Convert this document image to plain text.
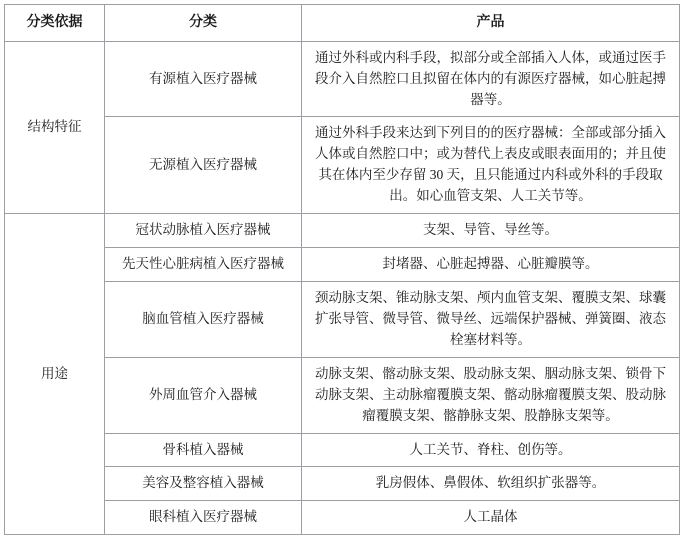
分类依据	分类	产品
结构特征	有源植入医疗器械	通过外科或内科手段，拟部分或全部插入人体，或通过医手段介入自然腔口且拟留在体内的有源医疗器械，如心脏起搏器等。
	无源植入医疗器械	通过外科手段来达到下列目的的医疗器械：全部或部分插入人体或自然腔口中；或为替代上表皮或眼表面用的；并且使其在体内至少存留 30 天，且只能通过内科或外科的手段取出。如心血管支架、人工关节等。
用途	冠状动脉植入医疗器械	支架、导管、导丝等。
	先天性心脏病植入医疗器械	封堵器、心脏起搏器、心脏瓣膜等。
	脑血管植入医疗器械	颈动脉支架、锥动脉支架、颅内血管支架、覆膜支架、球囊扩张导管、微导管、微导丝、远端保护器械、弹簧圈、液态栓塞材料等。
	外周血管介入器械	动脉支架、髂动脉支架、股动脉支架、胭动脉支架、锁骨下动脉支架、主动脉瘤覆膜支架、髂动脉瘤覆膜支架、股动脉瘤覆膜支架、髂静脉支架、股静脉支架等。
	骨科植入器械	人工关节、脊柱、创伤等。
	美容及整容植入器械	乳房假体、鼻假体、软组织扩张器等。
	眼科植入医疗器械	人工晶体
